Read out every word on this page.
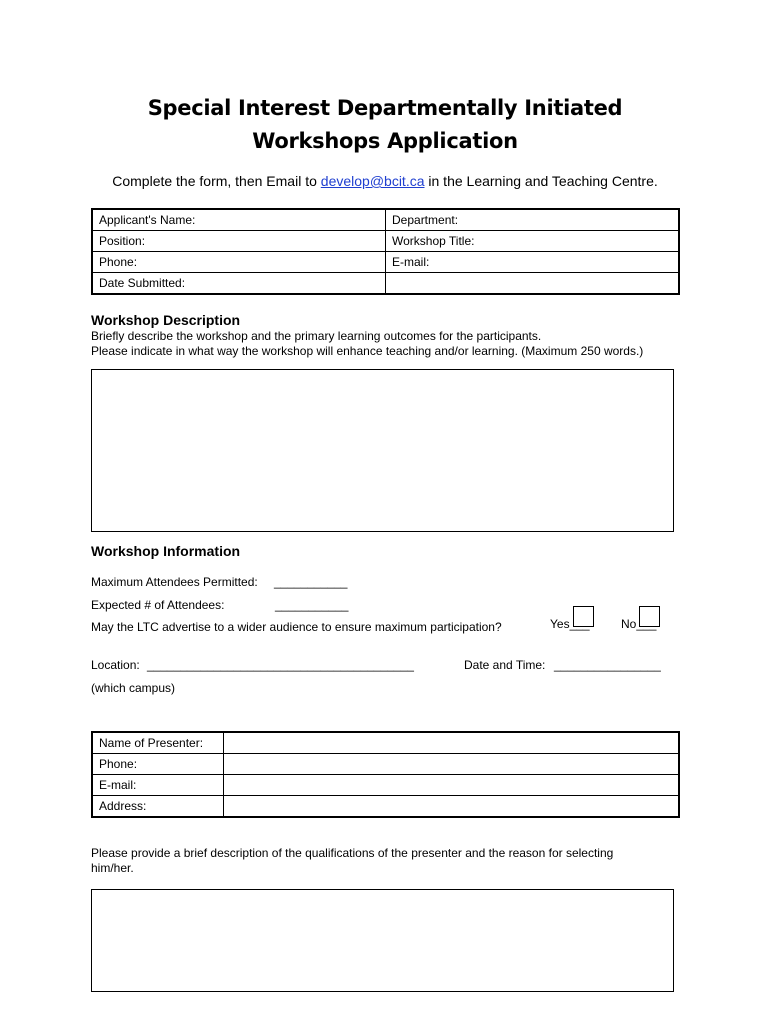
Special Interest Departmentally Initiated
Workshops Application
Complete the form, then Email to develop@bcit.ca in the Learning and Teaching Centre.
Applicant's Name:	Department:
Position:	Workshop Title:
Phone:	E-mail:
Date Submitted:	
Workshop Description
Briefly describe the workshop and the primary learning outcomes for the participants.
Please indicate in what way the workshop will enhance teaching and/or learning. (Maximum 250 words.)
Workshop Information
Maximum Attendees Permitted: ___________
Expected # of Attendees:	___________
May the LTC advertise to a wider audience to ensure maximum participation?	Yes___	No___
Location: ________________________________________	Date and Time: ________________
(which campus)
Name of Presenter:	
Phone:	
E-mail:	
Address:	
Please provide a brief description of the qualifications of the presenter and the reason for selecting
him/her.
